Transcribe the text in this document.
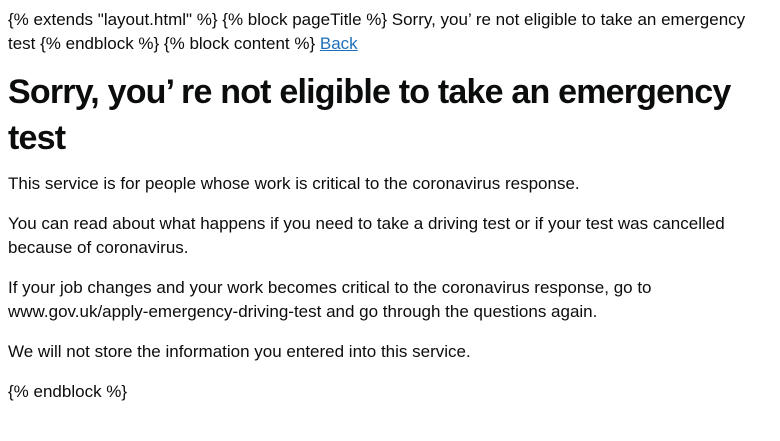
{% extends "layout.html" %} {% block pageTitle %} Sorry, you’ re not eligible to take an emergency test {% endblock %} {% block content %} Back

Sorry, you’ re not eligible to take an emergency test

This service is for people whose work is critical to the coronavirus response.

You can read about what happens if you need to take a driving test or if your test was cancelled because of coronavirus.

If your job changes and your work becomes critical to the coronavirus response, go to www.gov.uk/apply-emergency-driving-test and go through the questions again.

We will not store the information you entered into this service.

{% endblock %}
